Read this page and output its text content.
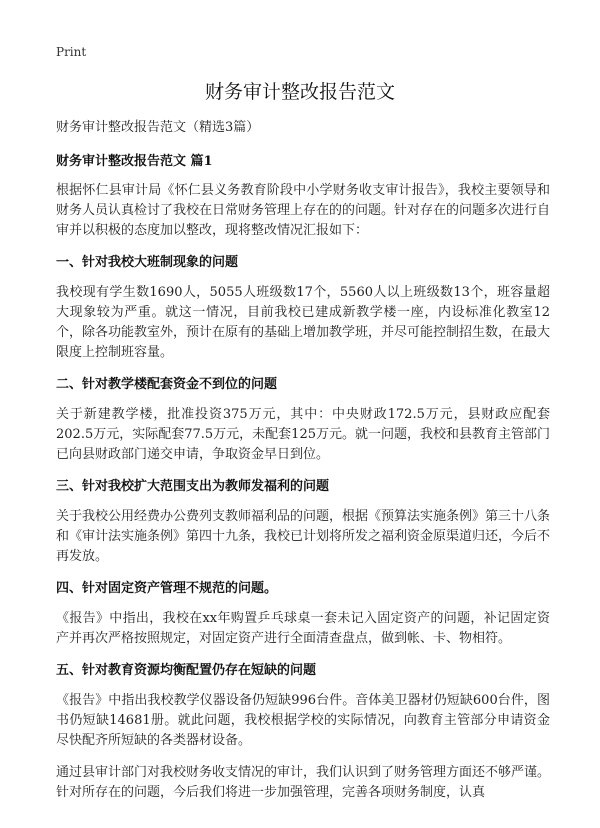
Print
财务审计整改报告范文
财务审计整改报告范文（精选3篇）
财务审计整改报告范文 篇1

根据怀仁县审计局《怀仁县义务教育阶段中小学财务收支审计报告》，我校主要领导和财务人员认真检讨了我校在日常财务管理上存在的的问题。针对存在的问题多次进行自审并以积极的态度加以整改，现将整改情况汇报如下：

一、针对我校大班制现象的问题

我校现有学生数1690人，5055人班级数17个，5560人以上班级数13个，班容量超大现象较为严重。就这一情况，目前我校已建成新教学楼一座，内设标准化教室12个，除各功能教室外，预计在原有的基础上增加教学班，并尽可能控制招生数，在最大限度上控制班容量。

二、针对教学楼配套资金不到位的问题

关于新建教学楼，批准投资375万元，其中：中央财政172.5万元，县财政应配套202.5万元，实际配套77.5万元，未配套125万元。就一问题，我校和县教育主管部门已向县财政部门递交申请，争取资金早日到位。

三、针对我校扩大范围支出为教师发福利的问题

关于我校公用经费办公费列支教师福利品的问题，根据《预算法实施条例》第三十八条和《审计法实施条例》第四十九条，我校已计划将所发之福利资金原渠道归还，今后不再发放。

四、针对固定资产管理不规范的问题。

《报告》中指出，我校在xx年购置乒乓球桌一套未记入固定资产的问题，补记固定资产并再次严格按照规定，对固定资产进行全面清查盘点，做到帐、卡、物相符。

五、针对教育资源均衡配置仍存在短缺的问题

《报告》中指出我校教学仪器设备仍短缺996台件。音体美卫器材仍短缺600台件，图书仍短缺14681册。就此问题，我校根据学校的实际情况，向教育主管部分申请资金尽快配齐所短缺的各类器材设备。

通过县审计部门对我校财务收支情况的审计，我们认识到了财务管理方面还不够严谨。针对所存在的问题，今后我们将进一步加强管理，完善各项财务制度，认真
